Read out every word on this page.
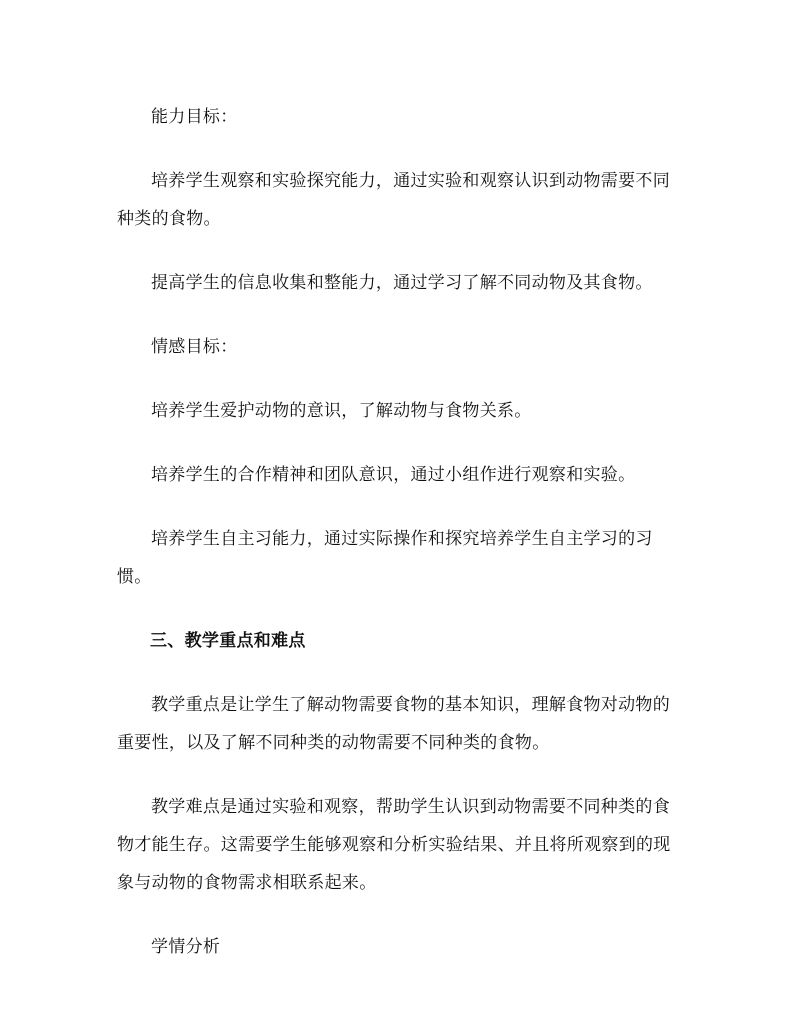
能力目标：

培养学生观察和实验探究能力，通过实验和观察认识到动物需要不同种类的食物。

提高学生的信息收集和整能力，通过学习了解不同动物及其食物。

情感目标：

培养学生爱护动物的意识，了解动物与食物关系。

培养学生的合作精神和团队意识，通过小组作进行观察和实验。

培养学生自主习能力，通过实际操作和探究培养学生自主学习的习惯。

三、教学重点和难点

教学重点是让学生了解动物需要食物的基本知识，理解食物对动物的重要性，以及了解不同种类的动物需要不同种类的食物。

教学难点是通过实验和观察，帮助学生认识到动物需要不同种类的食物才能生存。这需要学生能够观察和分析实验结果、并且将所观察到的现象与动物的食物需求相联系起来。

学情分析
